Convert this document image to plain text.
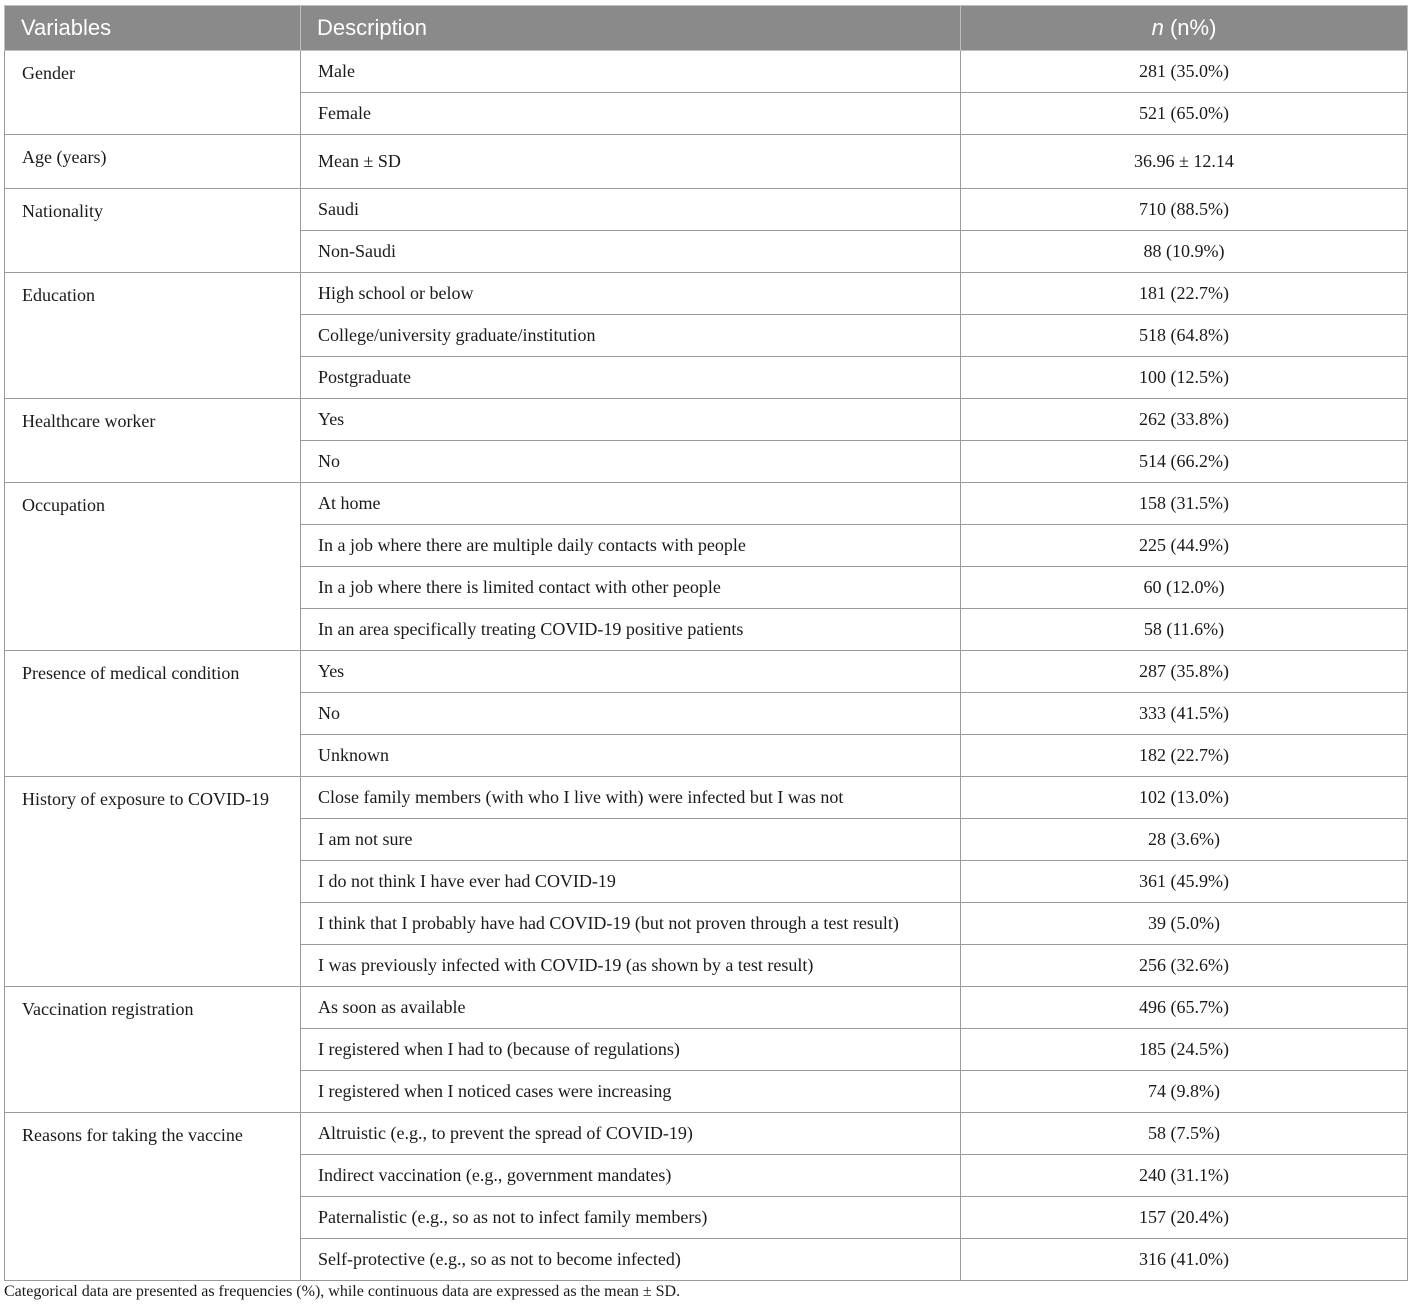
Variables	Description	n (n%)
Gender	Male	281 (35.0%)
	Female	521 (65.0%)
Age (years)	Mean ± SD	36.96 ± 12.14
Nationality	Saudi	710 (88.5%)
	Non-Saudi	88 (10.9%)
Education	High school or below	181 (22.7%)
	College/university graduate/institution	518 (64.8%)
	Postgraduate	100 (12.5%)
Healthcare worker	Yes	262 (33.8%)
	No	514 (66.2%)
Occupation	At home	158 (31.5%)
	In a job where there are multiple daily contacts with people	225 (44.9%)
	In a job where there is limited contact with other people	60 (12.0%)
	In an area specifically treating COVID-19 positive patients	58 (11.6%)
Presence of medical condition	Yes	287 (35.8%)
	No	333 (41.5%)
	Unknown	182 (22.7%)
History of exposure to COVID-19	Close family members (with who I live with) were infected but I was not	102 (13.0%)
	I am not sure	28 (3.6%)
	I do not think I have ever had COVID-19	361 (45.9%)
	I think that I probably have had COVID-19 (but not proven through a test result)	39 (5.0%)
	I was previously infected with COVID-19 (as shown by a test result)	256 (32.6%)
Vaccination registration	As soon as available	496 (65.7%)
	I registered when I had to (because of regulations)	185 (24.5%)
	I registered when I noticed cases were increasing	74 (9.8%)
Reasons for taking the vaccine	Altruistic (e.g., to prevent the spread of COVID-19)	58 (7.5%)
	Indirect vaccination (e.g., government mandates)	240 (31.1%)
	Paternalistic (e.g., so as not to infect family members)	157 (20.4%)
	Self-protective (e.g., so as not to become infected)	316 (41.0%)
Categorical data are presented as frequencies (%), while continuous data are expressed as the mean ± SD.
